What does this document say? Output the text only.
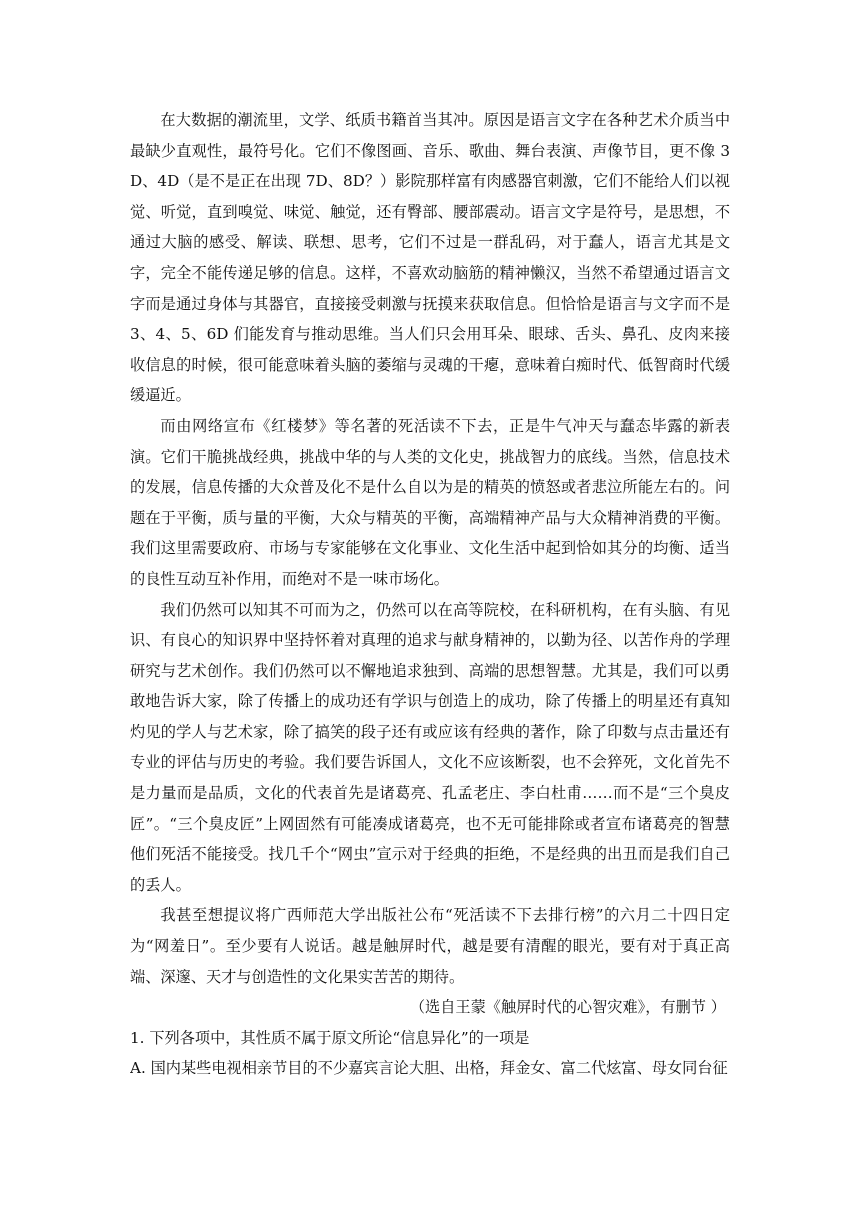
在大数据的潮流里，文学、纸质书籍首当其冲。原因是语言文字在各种艺术介质当中最缺少直观性，最符号化。它们不像图画、音乐、歌曲、舞台表演、声像节目，更不像 3D、4D（是不是正在出现 7D、8D？）影院那样富有肉感器官刺激，它们不能给人们以视觉、听觉，直到嗅觉、味觉、触觉，还有臀部、腰部震动。语言文字是符号，是思想，不通过大脑的感受、解读、联想、思考，它们不过是一群乱码，对于蠢人，语言尤其是文字，完全不能传递足够的信息。这样，不喜欢动脑筋的精神懒汉，当然不希望通过语言文字而是通过身体与其器官，直接接受刺激与抚摸来获取信息。但恰恰是语言与文字而不是 3、4、5、6D 们能发育与推动思维。当人们只会用耳朵、眼球、舌头、鼻孔、皮肉来接收信息的时候，很可能意味着头脑的萎缩与灵魂的干瘪，意味着白痴时代、低智商时代缓缓逼近。

而由网络宣布《红楼梦》等名著的死活读不下去，正是牛气冲天与蠢态毕露的新表演。它们干脆挑战经典，挑战中华的与人类的文化史，挑战智力的底线。当然，信息技术的发展，信息传播的大众普及化不是什么自以为是的精英的愤怒或者悲泣所能左右的。问题在于平衡，质与量的平衡，大众与精英的平衡，高端精神产品与大众精神消费的平衡。我们这里需要政府、市场与专家能够在文化事业、文化生活中起到恰如其分的均衡、适当的良性互动互补作用，而绝对不是一味市场化。

我们仍然可以知其不可而为之，仍然可以在高等院校，在科研机构，在有头脑、有见识、有良心的知识界中坚持怀着对真理的追求与献身精神的，以勤为径、以苦作舟的学理研究与艺术创作。我们仍然可以不懈地追求独到、高端的思想智慧。尤其是，我们可以勇敢地告诉大家，除了传播上的成功还有学识与创造上的成功，除了传播上的明星还有真知灼见的学人与艺术家，除了搞笑的段子还有或应该有经典的著作，除了印数与点击量还有专业的评估与历史的考验。我们要告诉国人，文化不应该断裂，也不会猝死，文化首先不是力量而是品质，文化的代表首先是诸葛亮、孔孟老庄、李白杜甫……而不是“三个臭皮匠”。“三个臭皮匠”上网固然有可能凑成诸葛亮，也不无可能排除或者宣布诸葛亮的智慧他们死活不能接受。找几千个“网虫”宣示对于经典的拒绝，不是经典的出丑而是我们自己的丢人。

我甚至想提议将广西师范大学出版社公布“死活读不下去排行榜”的六月二十四日定为“网羞日”。至少要有人说话。越是触屏时代，越是要有清醒的眼光，要有对于真正高端、深邃、天才与创造性的文化果实苦苦的期待。

（选自王蒙《触屏时代的心智灾难》，有删节 ）

1. 下列各项中，其性质不属于原文所论“信息异化”的一项是

A. 国内某些电视相亲节目的不少嘉宾言论大胆、出格，拜金女、富二代炫富、母女同台征
